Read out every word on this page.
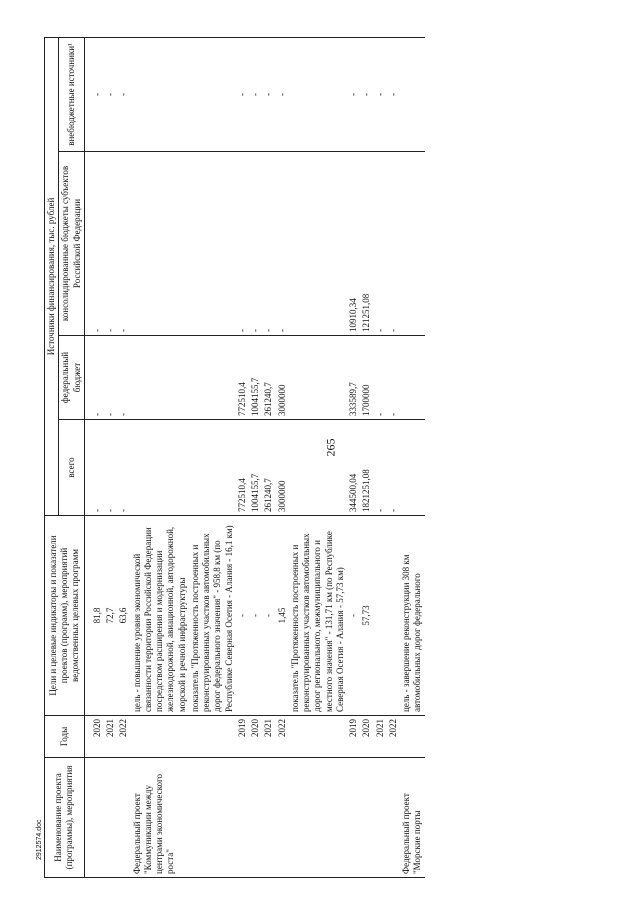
265
2912574.doc Наименование проекта (программы), мероприятия	Годы	Цели и целевые индикаторы и показатели проектов (программ), мероприятий ведомственных целевых программ	Источники финансирования, тыс. рублей			
			всего	федеральный бюджет	консолидированные бюджеты субъектов Российской Федерации	внебюджетные источники¹

	2020	81,8	-	-	-	-
	2021	72,7	-	-	-	-
	2022	63,6	-	-	-	-
Федеральный проект "Коммуникации между центрами экономического роста"		цель - повышение уровня экономической связанности территории Российской Федерации посредством расширения и модернизации железнодорожной, авиационной, автодорожной, морской и речной инфраструктуры				
		показатель "Протяженность построенных и реконструированных участков автомобильных дорог федерального значения" - 958,8 км (по Республике Северная Осетия - Алания - 16,1 км)				
	2019	-	772510,4	772510,4	-	-
	2020	-	1004155,7	1004155,7	-	-
	2021	-	261240,7	261240,7	-	-
	2022	1,45	3000000	3000000	-	-
		показатель "Протяженность построенных и реконструированных участков автомобильных дорог регионального, межмуниципального и местного значения" - 131,71 км (по Республике Северная Осетия - Алания - 57,73 км)				
	2019	-	344500,04	333589,7	10910,34	-
	2020	57,73	1821251,08	1700000	121251,08	-
	2021		-	-	-	-
	2022		-	-	-	-
Федеральный проект "Морские порты		цель - завершение реконструкции 308 км автомобильных дорог федерального				
